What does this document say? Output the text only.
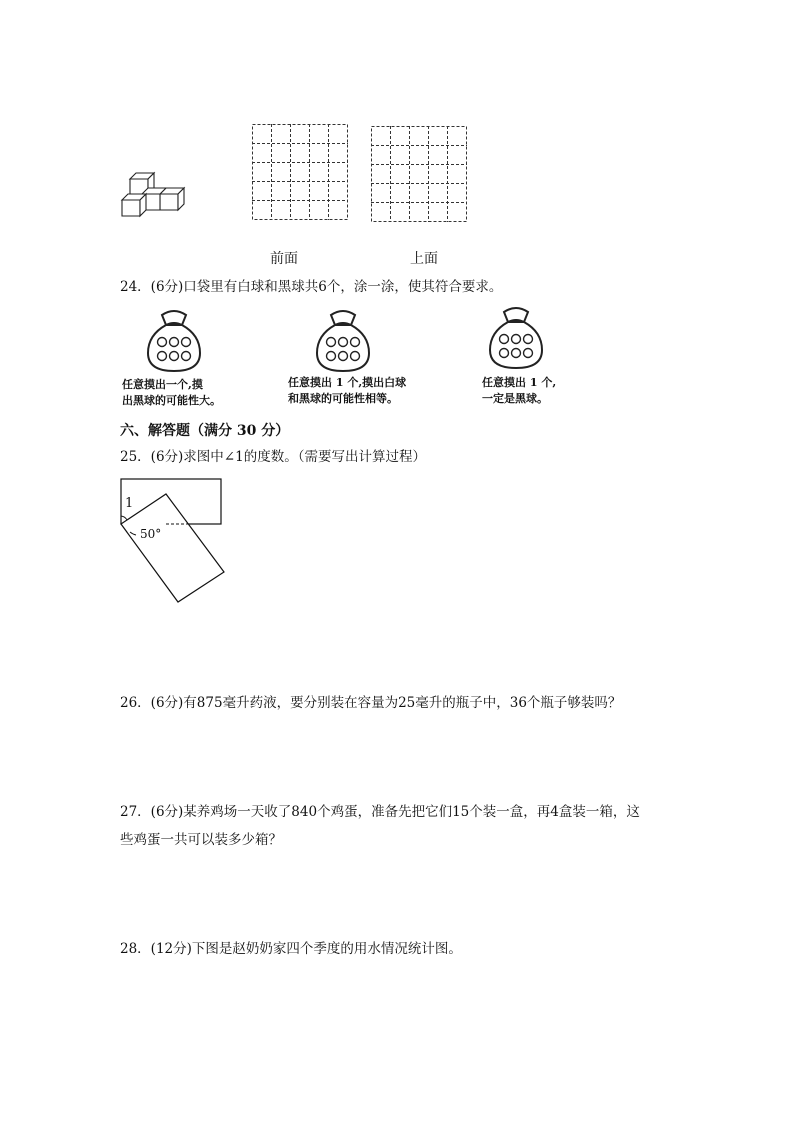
前面	上面
24．(6分)口袋里有白球和黑球共6个，涂一涂，使其符合要求。
任意摸出一个,摸
出黑球的可能性大。
任意摸出 1 个,摸出白球
和黑球的可能性相等。
任意摸出 1 个,
一定是黑球。
六、解答题（满分 30 分）
25．(6分)求图中∠1的度数。（需要写出计算过程）
1
50°
26．(6分)有875毫升药液，要分别装在容量为25毫升的瓶子中，36个瓶子够装吗？
27．(6分)某养鸡场一天收了840个鸡蛋，准备先把它们15个装一盒，再4盒装一箱，这
些鸡蛋一共可以装多少箱？
28．(12分)下图是赵奶奶家四个季度的用水情况统计图。
